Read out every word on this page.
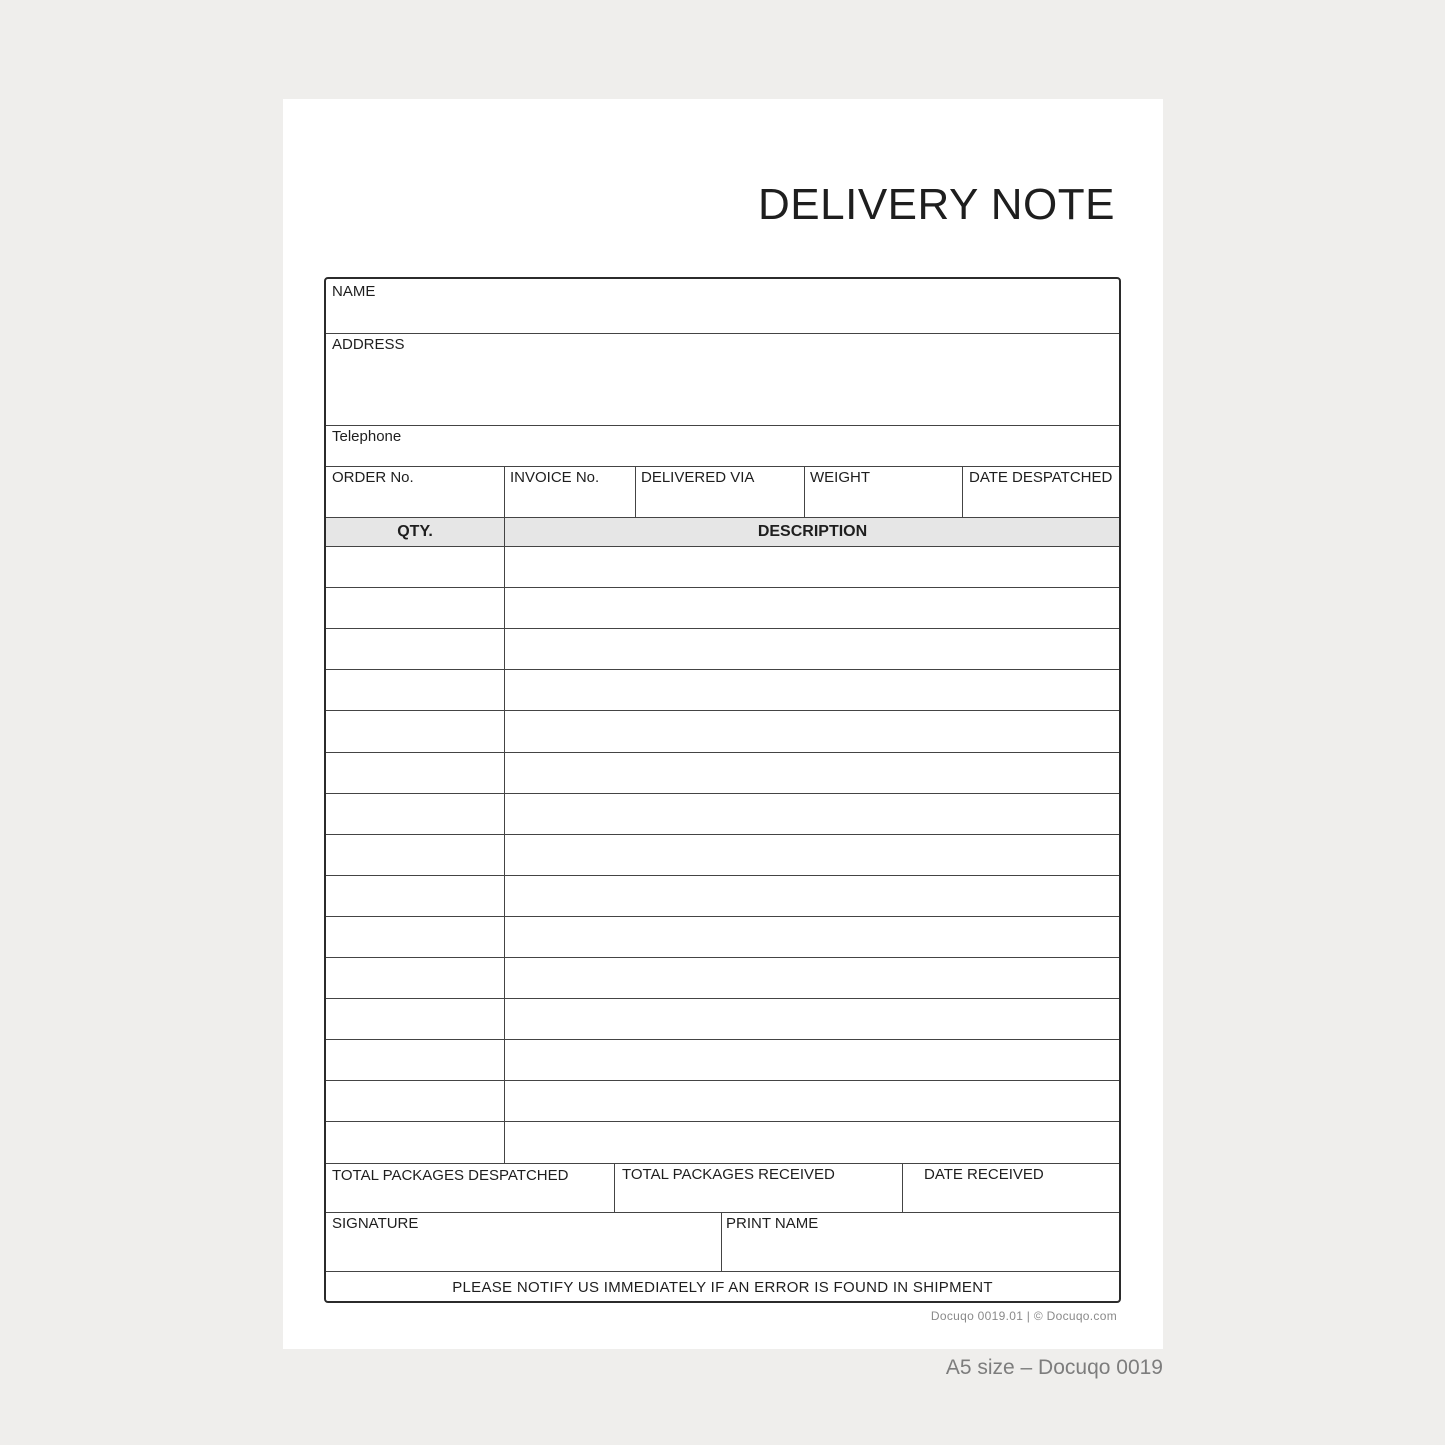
DELIVERY NOTE
NAME
ADDRESS
Telephone
ORDER No.	INVOICE No.	DELIVERED VIA	WEIGHT	DATE DESPATCHED
QTY.	DESCRIPTION
TOTAL PACKAGES DESPATCHED	TOTAL PACKAGES RECEIVED	DATE RECEIVED
SIGNATURE	PRINT NAME
PLEASE NOTIFY US IMMEDIATELY IF AN ERROR IS FOUND IN SHIPMENT
Docuqo 0019.01 | © Docuqo.com
A5 size – Docuqo 0019
